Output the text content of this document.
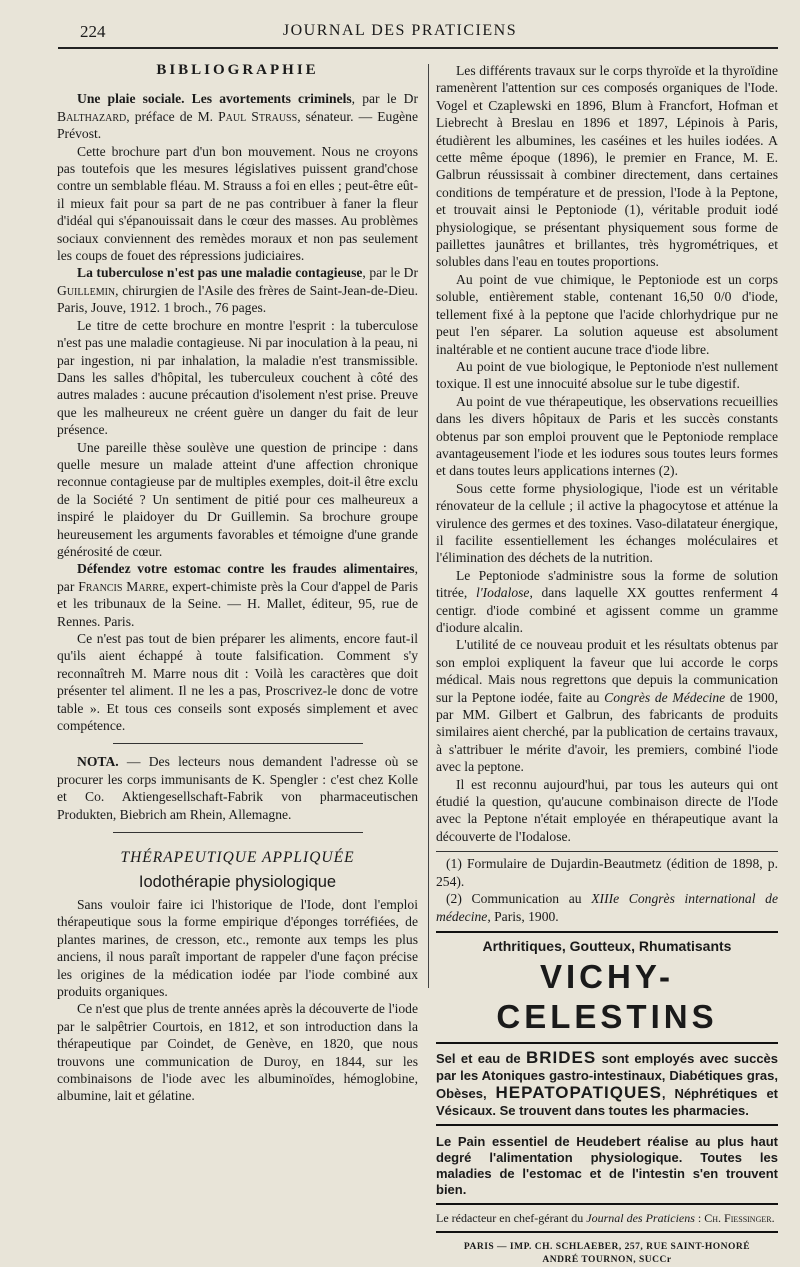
224	JOURNAL DES PRATICIENS
BIBLIOGRAPHIE

Une plaie sociale. Les avortements criminels, par le Dr Balthazard, préface de M. Paul Strauss, sénateur. — Eugène Prévost.

Cette brochure part d'un bon mouvement. Nous ne croyons pas toutefois que les mesures législatives puissent grand'chose contre un semblable fléau. M. Strauss a foi en elles ; peut-être eût-il mieux fait pour sa part de ne pas contribuer à faner la fleur d'idéal qui s'épanouissait dans le cœur des masses. Au problèmes sociaux conviennent des remèdes moraux et non pas seulement les coups de fouet des répressions judiciaires.

La tuberculose n'est pas une maladie contagieuse, par le Dr Guillemin, chirurgien de l'Asile des frères de Saint-Jean-de-Dieu. Paris, Jouve, 1912. 1 broch., 76 pages.

Le titre de cette brochure en montre l'esprit : la tuberculose n'est pas une maladie contagieuse. Ni par inoculation à la peau, ni par ingestion, ni par inhalation, la maladie n'est transmissible. Dans les salles d'hôpital, les tuberculeux couchent à côté des autres malades : aucune précaution d'isolement n'est prise. Preuve que les malheureux ne créent guère un danger du fait de leur présence.

Une pareille thèse soulève une question de principe : dans quelle mesure un malade atteint d'une affection chronique reconnue contagieuse par de multiples exemples, doit-il être exclu de la Société ? Un sentiment de pitié pour ces malheureux a inspiré le plaidoyer du Dr Guillemin. Sa brochure groupe heureusement les arguments favorables et témoigne d'une grande générosité de cœur.

Défendez votre estomac contre les fraudes alimentaires, par Francis Marre, expert-chimiste près la Cour d'appel de Paris et les tribunaux de la Seine. — H. Mallet, éditeur, 95, rue de Rennes. Paris.

Ce n'est pas tout de bien préparer les aliments, encore faut-il qu'ils aient échappé à toute falsification. Comment s'y reconnaîtreh M. Marre nous dit : Voilà les caractères que doit présenter tel aliment. Il ne les a pas, Proscrivez-le donc de votre table ». Et tous ces conseils sont exposés simplement et avec compétence.

NOTA. — Des lecteurs nous demandent l'adresse où se procurer les corps immunisants de K. Spengler : c'est chez Kolle et Co. Aktiengesellschaft-Fabrik von pharmaceutischen Produkten, Biebrich am Rhein, Allemagne.

THÉRAPEUTIQUE APPLIQUÉE
Iodothérapie physiologique

Sans vouloir faire ici l'historique de l'Iode, dont l'emploi thérapeutique sous la forme empirique d'éponges torréfiées, de plantes marines, de cresson, etc., remonte aux temps les plus anciens, il nous paraît important de rappeler d'une façon précise les origines de la médication iodée par l'iode combiné aux produits organiques.

Ce n'est que plus de trente années après la découverte de l'iode par le salpêtrier Courtois, en 1812, et son introduction dans la thérapeutique par Coindet, de Genève, en 1820, que nous trouvons une communication de Duroy, en 1844, sur les combinaisons de l'iode avec les albuminoïdes, hémoglobine, albumine, lait et gélatine.

Les différents travaux sur le corps thyroïde et la thyroïdine ramenèrent l'attention sur ces composés organiques de l'Iode. Vogel et Czaplewski en 1896, Blum à Francfort, Hofman et Liebrecht à Breslau en 1896 et 1897, Lépinois à Paris, étudièrent les albumines, les caséines et les huiles iodées. A cette même époque (1896), le premier en France, M. E. Galbrun réussissait à combiner directement, dans certaines conditions de température et de pression, l'Iode à la Peptone, et trouvait ainsi le Peptoniode (1), véritable produit iodé physiologique, se présentant physiquement sous forme de paillettes jaunâtres et brillantes, très hygrométriques, et solubles dans l'eau en toutes proportions.

Au point de vue chimique, le Peptoniode est un corps soluble, entièrement stable, contenant 16,50 0/0 d'iode, tellement fixé à la peptone que l'acide chlorhydrique pur ne peut l'en séparer. La solution aqueuse est absolument inaltérable et ne contient aucune trace d'iode libre.

Au point de vue biologique, le Peptoniode n'est nullement toxique. Il est une innocuité absolue sur le tube digestif.

Au point de vue thérapeutique, les observations recueillies dans les divers hôpitaux de Paris et les succès constants obtenus par son emploi prouvent que le Peptoniode remplace avantageusement l'iode et les iodures sous toutes leurs formes et dans toutes leurs applications internes (2).

Sous cette forme physiologique, l'iode est un véritable rénovateur de la cellule ; il active la phagocytose et atténue la virulence des germes et des toxines. Vaso-dilatateur énergique, il facilite essentiellement les échanges moléculaires et l'élimination des déchets de la nutrition.

Le Peptoniode s'administre sous la forme de solution titrée, l'Iodalose, dans laquelle XX gouttes renferment 4 centigr. d'iode combiné et agissent comme un gramme d'iodure alcalin.

L'utilité de ce nouveau produit et les résultats obtenus par son emploi expliquent la faveur que lui accorde le corps médical. Mais nous regrettons que depuis la communication sur la Peptone iodée, faite au Congrès de Médecine de 1900, par MM. Gilbert et Galbrun, des fabricants de produits similaires aient cherché, par la publication de certains travaux, à s'attribuer le mérite d'avoir, les premiers, combiné l'iode avec la peptone.

Il est reconnu aujourd'hui, par tous les auteurs qui ont étudié la question, qu'aucune combinaison directe de l'Iode avec la Peptone n'était employée en thérapeutique avant la découverte de l'Iodalose.

(1) Formulaire de Dujardin-Beautmetz (édition de 1898, p. 254).

(2) Communication au XIIIe Congrès international de médecine, Paris, 1900.

Arthritiques, Goutteux, Rhumatisants
VICHY-CELESTINS
Sel et eau de BRIDES sont employés avec succès par les Atoniques gastro-intestinaux, Diabétiques gras, Obèses, HEPATOPATIQUES, Néphrétiques et Vésicaux. Se trouvent dans toutes les pharmacies.
Le Pain essentiel de Heudebert réalise au plus haut degré l'alimentation physiologique. Toutes les maladies de l'estomac et de l'intestin s'en trouvent bien.

Le rédacteur en chef-gérant du Journal des Praticiens : Ch. Fiessinger.

PARIS — IMP. CH. SCHLAEBER, 257, RUE SAINT-HONORÉ
ANDRÉ TOURNON, SUCCr
